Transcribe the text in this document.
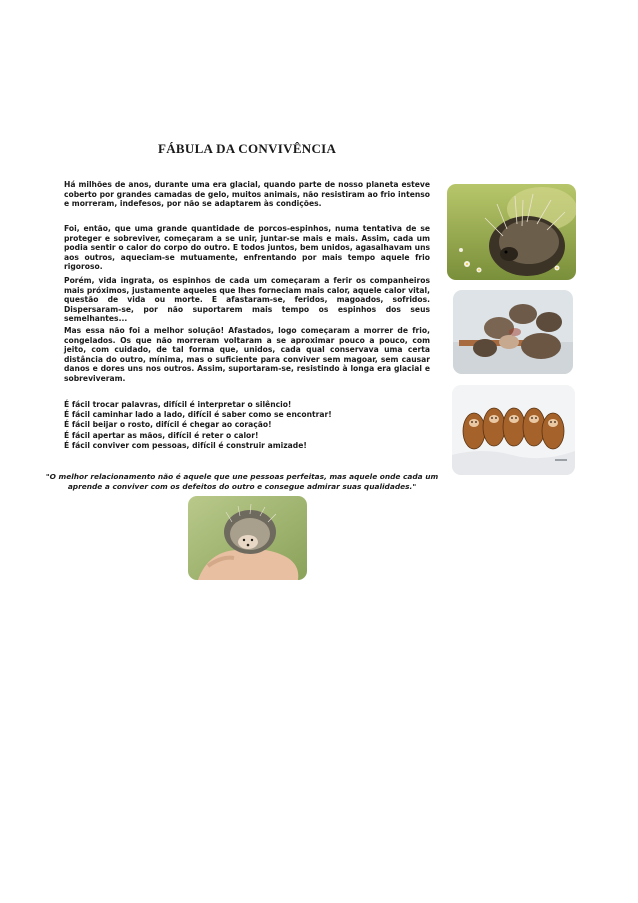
FÁBULA DA CONVIVÊNCIA

Há milhões de anos, durante uma era glacial, quando parte de nosso planeta esteve coberto por grandes camadas de gelo, muitos animais, não resistiram ao frio intenso e morreram, indefesos, por não se adaptarem às condições.

Foi, então, que uma grande quantidade de porcos-espinhos, numa tentativa de se proteger e sobreviver, começaram a se unir, juntar-se mais e mais. Assim, cada um podia sentir o calor do corpo do outro. E todos juntos, bem unidos, agasalhavam uns aos outros, aqueciam-se mutuamente, enfrentando por mais tempo aquele frio rigoroso.

Porém, vida ingrata, os espinhos de cada um começaram a ferir os companheiros mais próximos, justamente aqueles que lhes forneciam mais calor, aquele calor vital, questão de vida ou morte. E afastaram-se, feridos, magoados, sofridos. Dispersaram-se, por não suportarem mais tempo os espinhos dos seus semelhantes...

Mas essa não foi a melhor solução! Afastados, logo começaram a morrer de frio, congelados. Os que não morreram voltaram a se aproximar pouco a pouco, com jeito, com cuidado, de tal forma que, unidos, cada qual conservava uma certa distância do outro, mínima, mas o suficiente para conviver sem magoar, sem causar danos e dores uns nos outros. Assim, suportaram-se, resistindo à longa era glacial e sobreviveram.

É fácil trocar palavras, difícil é interpretar o silêncio!
É fácil caminhar lado a lado, difícil é saber como se encontrar!
É fácil beijar o rosto, difícil é chegar ao coração!
É fácil apertar as mãos, difícil é reter o calor!
É fácil conviver com pessoas, difícil é construir amizade!
"O melhor relacionamento não é aquele que une pessoas perfeitas, mas aquele onde cada um aprende a conviver com os defeitos do outro e consegue admirar suas qualidades."
